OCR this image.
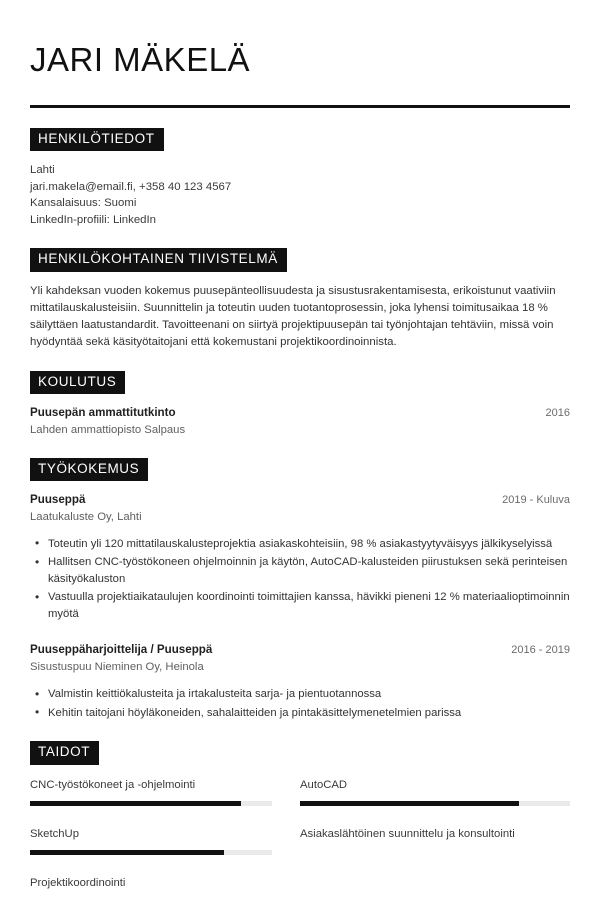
JARI MÄKELÄ
HENKILÖTIEDOT
Lahti
jari.makela@email.fi, +358 40 123 4567
Kansalaisuus: Suomi
LinkedIn-profiili: LinkedIn
HENKILÖKOHTAINEN TIIVISTELMÄ

Yli kahdeksan vuoden kokemus puusepänteollisuudesta ja sisustusrakentamisesta, erikoistunut vaativiin mittatilauskalusteisiin. Suunnittelin ja toteutin uuden tuotantoprosessin, joka lyhensi toimitusaikaa 18 % säilyttäen laatustandardit. Tavoitteenani on siirtyä projektipuusepän tai työnjohtajan tehtäviin, missä voin hyödyntää sekä käsityötaitojani että kokemustani projektikoordinoinnista.

KOULUTUS
Puusepän ammattitutkinto	2016
Lahden ammattiopisto Salpaus
TYÖKOKEMUS
Puuseppä	2019 - Kuluva
Laatukaluste Oy, Lahti
• Toteutin yli 120 mittatilauskalusteprojektia asiakaskohteisiin, 98 % asiakastyytyväisyys jälkikyselyissä
• Hallitsen CNC-työstökoneen ohjelmoinnin ja käytön, AutoCAD-kalusteiden piirustuksen sekä perinteisen käsityökaluston
• Vastuulla projektiaikataulujen koordinointi toimittajien kanssa, hävikki pieneni 12 % materiaalioptimoinnin myötä
Puuseppäharjoittelija / Puuseppä	2016 - 2019
Sisustuspuu Nieminen Oy, Heinola
• Valmistin keittiökalusteita ja irtakalusteita sarja- ja pientuotannossa
• Kehitin taitojani höyläkoneiden, sahalaitteiden ja pintakäsittelymenetelmien parissa
TAIDOT
CNC-työstökoneet ja -ohjelmointi	AutoCAD
SketchUp	Asiakaslähtöinen suunnittelu ja konsultointi
Projektikoordinointi
